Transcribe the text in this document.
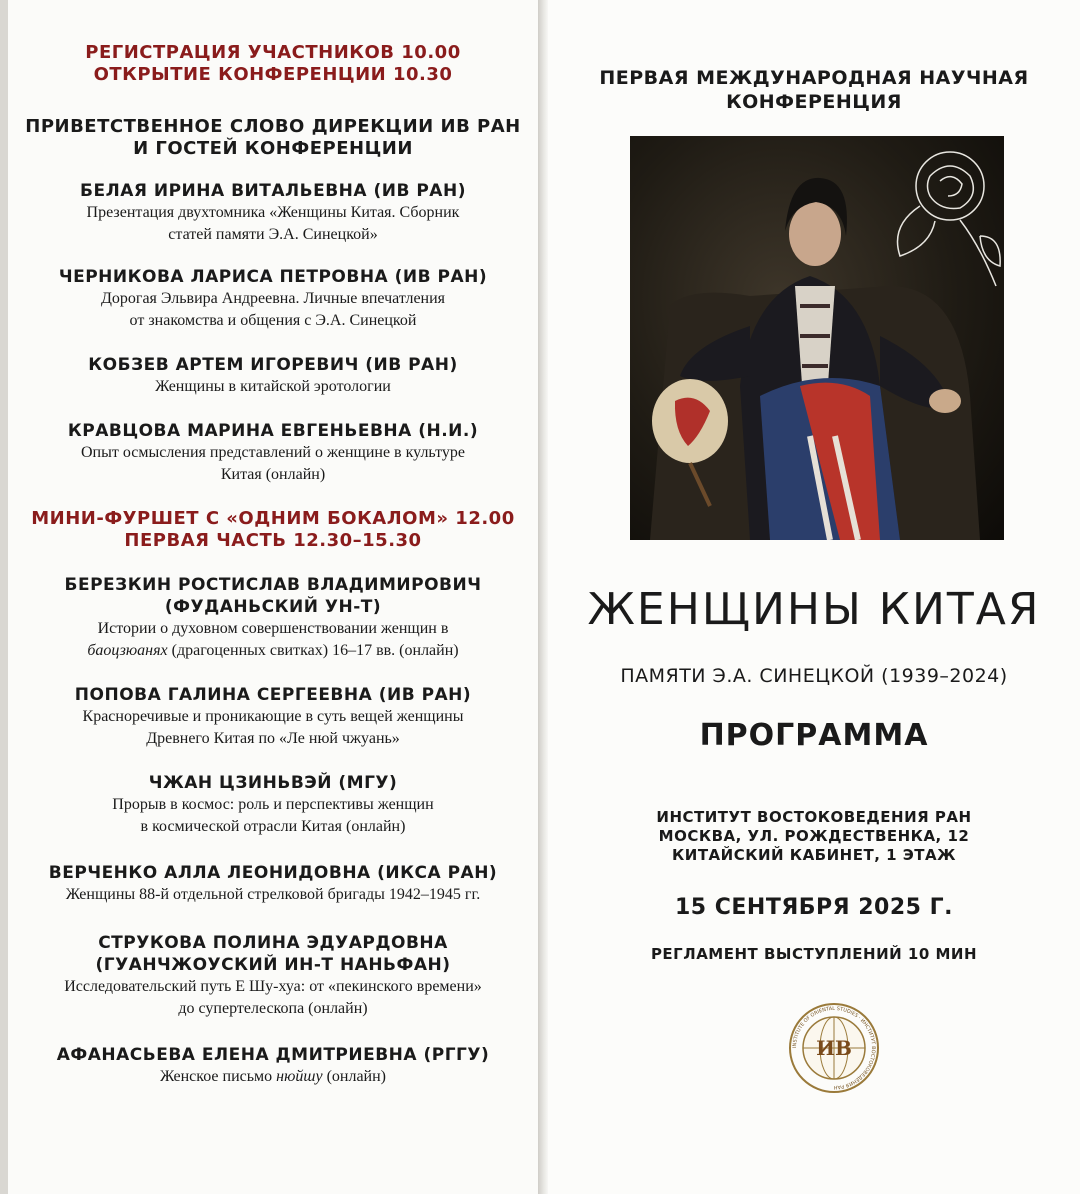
РЕГИСТРАЦИЯ УЧАСТНИКОВ 10.00
ОТКРЫТИЕ КОНФЕРЕНЦИИ 10.30
ПРИВЕТСТВЕННОЕ СЛОВО ДИРЕКЦИИ ИВ РАН
И ГОСТЕЙ КОНФЕРЕНЦИИ
БЕЛАЯ ИРИНА ВИТАЛЬЕВНА (ИВ РАН)
Презентация двухтомника «Женщины Китая. Сборник
статей памяти Э.А. Синецкой»
ЧЕРНИКОВА ЛАРИСА ПЕТРОВНА (ИВ РАН)
Дорогая Эльвира Андреевна. Личные впечатления
от знакомства и общения с Э.А. Синецкой
КОБЗЕВ АРТЕМ ИГОРЕВИЧ (ИВ РАН)
Женщины в китайской эротологии
КРАВЦОВА МАРИНА ЕВГЕНЬЕВНА (Н.И.)
Опыт осмысления представлений о женщине в культуре
Китая (онлайн)
МИНИ-ФУРШЕТ С «ОДНИМ БОКАЛОМ» 12.00
ПЕРВАЯ ЧАСТЬ 12.30–15.30
БЕРЕЗКИН РОСТИСЛАВ ВЛАДИМИРОВИЧ
(ФУДАНЬСКИЙ УН-Т)
Истории о духовном совершенствовании женщин в
баоцзюанях (драгоценных свитках) 16–17 вв. (онлайн)
ПОПОВА ГАЛИНА СЕРГЕЕВНА (ИВ РАН)
Красноречивые и проникающие в суть вещей женщины
Древнего Китая по «Ле нюй чжуань»
ЧЖАН ЦЗИНЬВЭЙ (МГУ)
Прорыв в космос: роль и перспективы женщин
в космической отрасли Китая (онлайн)
ВЕРЧЕНКО АЛЛА ЛЕОНИДОВНА (ИКСА РАН)
Женщины 88-й отдельной стрелковой бригады 1942–1945 гг.
СТРУКОВА ПОЛИНА ЭДУАРДОВНА
(ГУАНЧЖОУСКИЙ ИН-Т НАНЬФАН)
Исследовательский путь Е Шу-хуа: от «пекинского времени»
до супертелескопа (онлайн)
АФАНАСЬЕВА ЕЛЕНА ДМИТРИЕВНА (РГГУ)
Женское письмо нюйшу (онлайн)
ПЕРВАЯ МЕЖДУНАРОДНАЯ НАУЧНАЯ
КОНФЕРЕНЦИЯ
ЖЕНЩИНЫ КИТАЯ
ПАМЯТИ Э.А. СИНЕЦКОЙ (1939–2024)
ПРОГРАММА
ИНСТИТУТ ВОСТОКОВЕДЕНИЯ РАН
МОСКВА, УЛ. РОЖДЕСТВЕНКА, 12
КИТАЙСКИЙ КАБИНЕТ, 1 ЭТАЖ
15 СЕНТЯБРЯ 2025 Г.
РЕГЛАМЕНТ ВЫСТУПЛЕНИЙ 10 МИН
INSTITUTE OF ORIENTAL STUDIES · ИНСТИТУТ ВОСТОКОВЕДЕНИЯ РАН
ИВ
